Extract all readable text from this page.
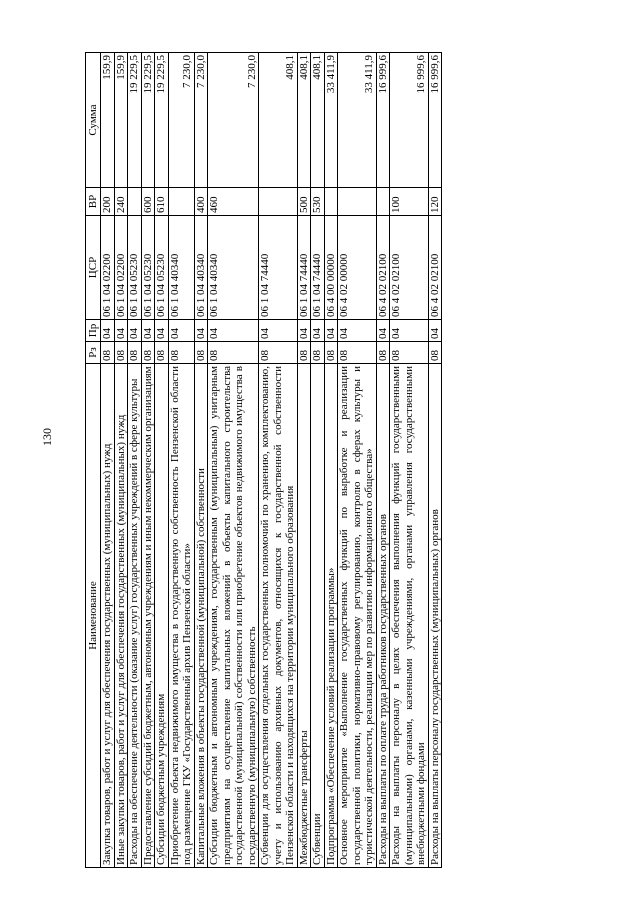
130
Наименование	Рз	Пр	ЦСР	ВР	Сумма
Закупка товаров, работ и услуг для обеспечения государственных (муниципальных) нужд	08	04	06 1 04 02200	200	159,9
Иные закупки товаров, работ и услуг для обеспечения государственных (муниципальных) нужд	08	04	06 1 04 02200	240	159,9
Расходы на обеспечение деятельности (оказание услуг) государственных учреждений в сфере культуры	08	04	06 1 04 05230		19 229,5
Предоставление субсидий бюджетным, автономным учреждениям и иным некоммерческим организациям	08	04	06 1 04 05230	600	19 229,5
Субсидии бюджетным учреждениям	08	04	06 1 04 05230	610	19 229,5
Приобретение объекта недвижимого имущества в государственную собственность Пензенской области под размещение ГКУ «Государственный архив Пензенской области»	08	04	06 1 04 40340		7 230,0
Капитальные вложения в объекты государственной (муниципальной) собственности	08	04	06 1 04 40340	400	7 230,0
Субсидии бюджетным и автономным учреждениям, государственным (муниципальным) унитарным предприятиям на осуществление капитальных вложений в объекты капитального строительства государственной (муниципальной) собственности или приобретение объектов недвижимого имущества в государственную (муниципальную) собственность	08	04	06 1 04 40340	460	7 230,0
Субвенции для осуществления отдельных государственных полномочий по хранению, комплектованию, учету и использованию архивных документов, относящихся к государственной собственности Пензенской области и находящихся на территории муниципального образования	08	04	06 1 04 74440		408,1
Межбюджетные трансферты	08	04	06 1 04 74440	500	408,1
Субвенции	08	04	06 1 04 74440	530	408,1
Подпрограмма «Обеспечение условий реализации программы»	08	04	06 4 00 00000		33 411,9
Основное мероприятие «Выполнение государственных функций по выработке и реализации государственной политики, нормативно-правовому регулированию, контролю в сферах культуры и туристической деятельности, реализации мер по развитию информационного общества»	08	04	06 4 02 00000		33 411,9
Расходы на выплаты по оплате труда работников государственных органов	08	04	06 4 02 02100		16 999,6
Расходы на выплаты персоналу в целях обеспечения выполнения функций государственными (муниципальными) органами, казенными учреждениями, органами управления государственными внебюджетными фондами	08	04	06 4 02 02100	100	16 999,6
Расходы на выплаты персоналу государственных (муниципальных) органов	08	04	06 4 02 02100	120	16 999,6
